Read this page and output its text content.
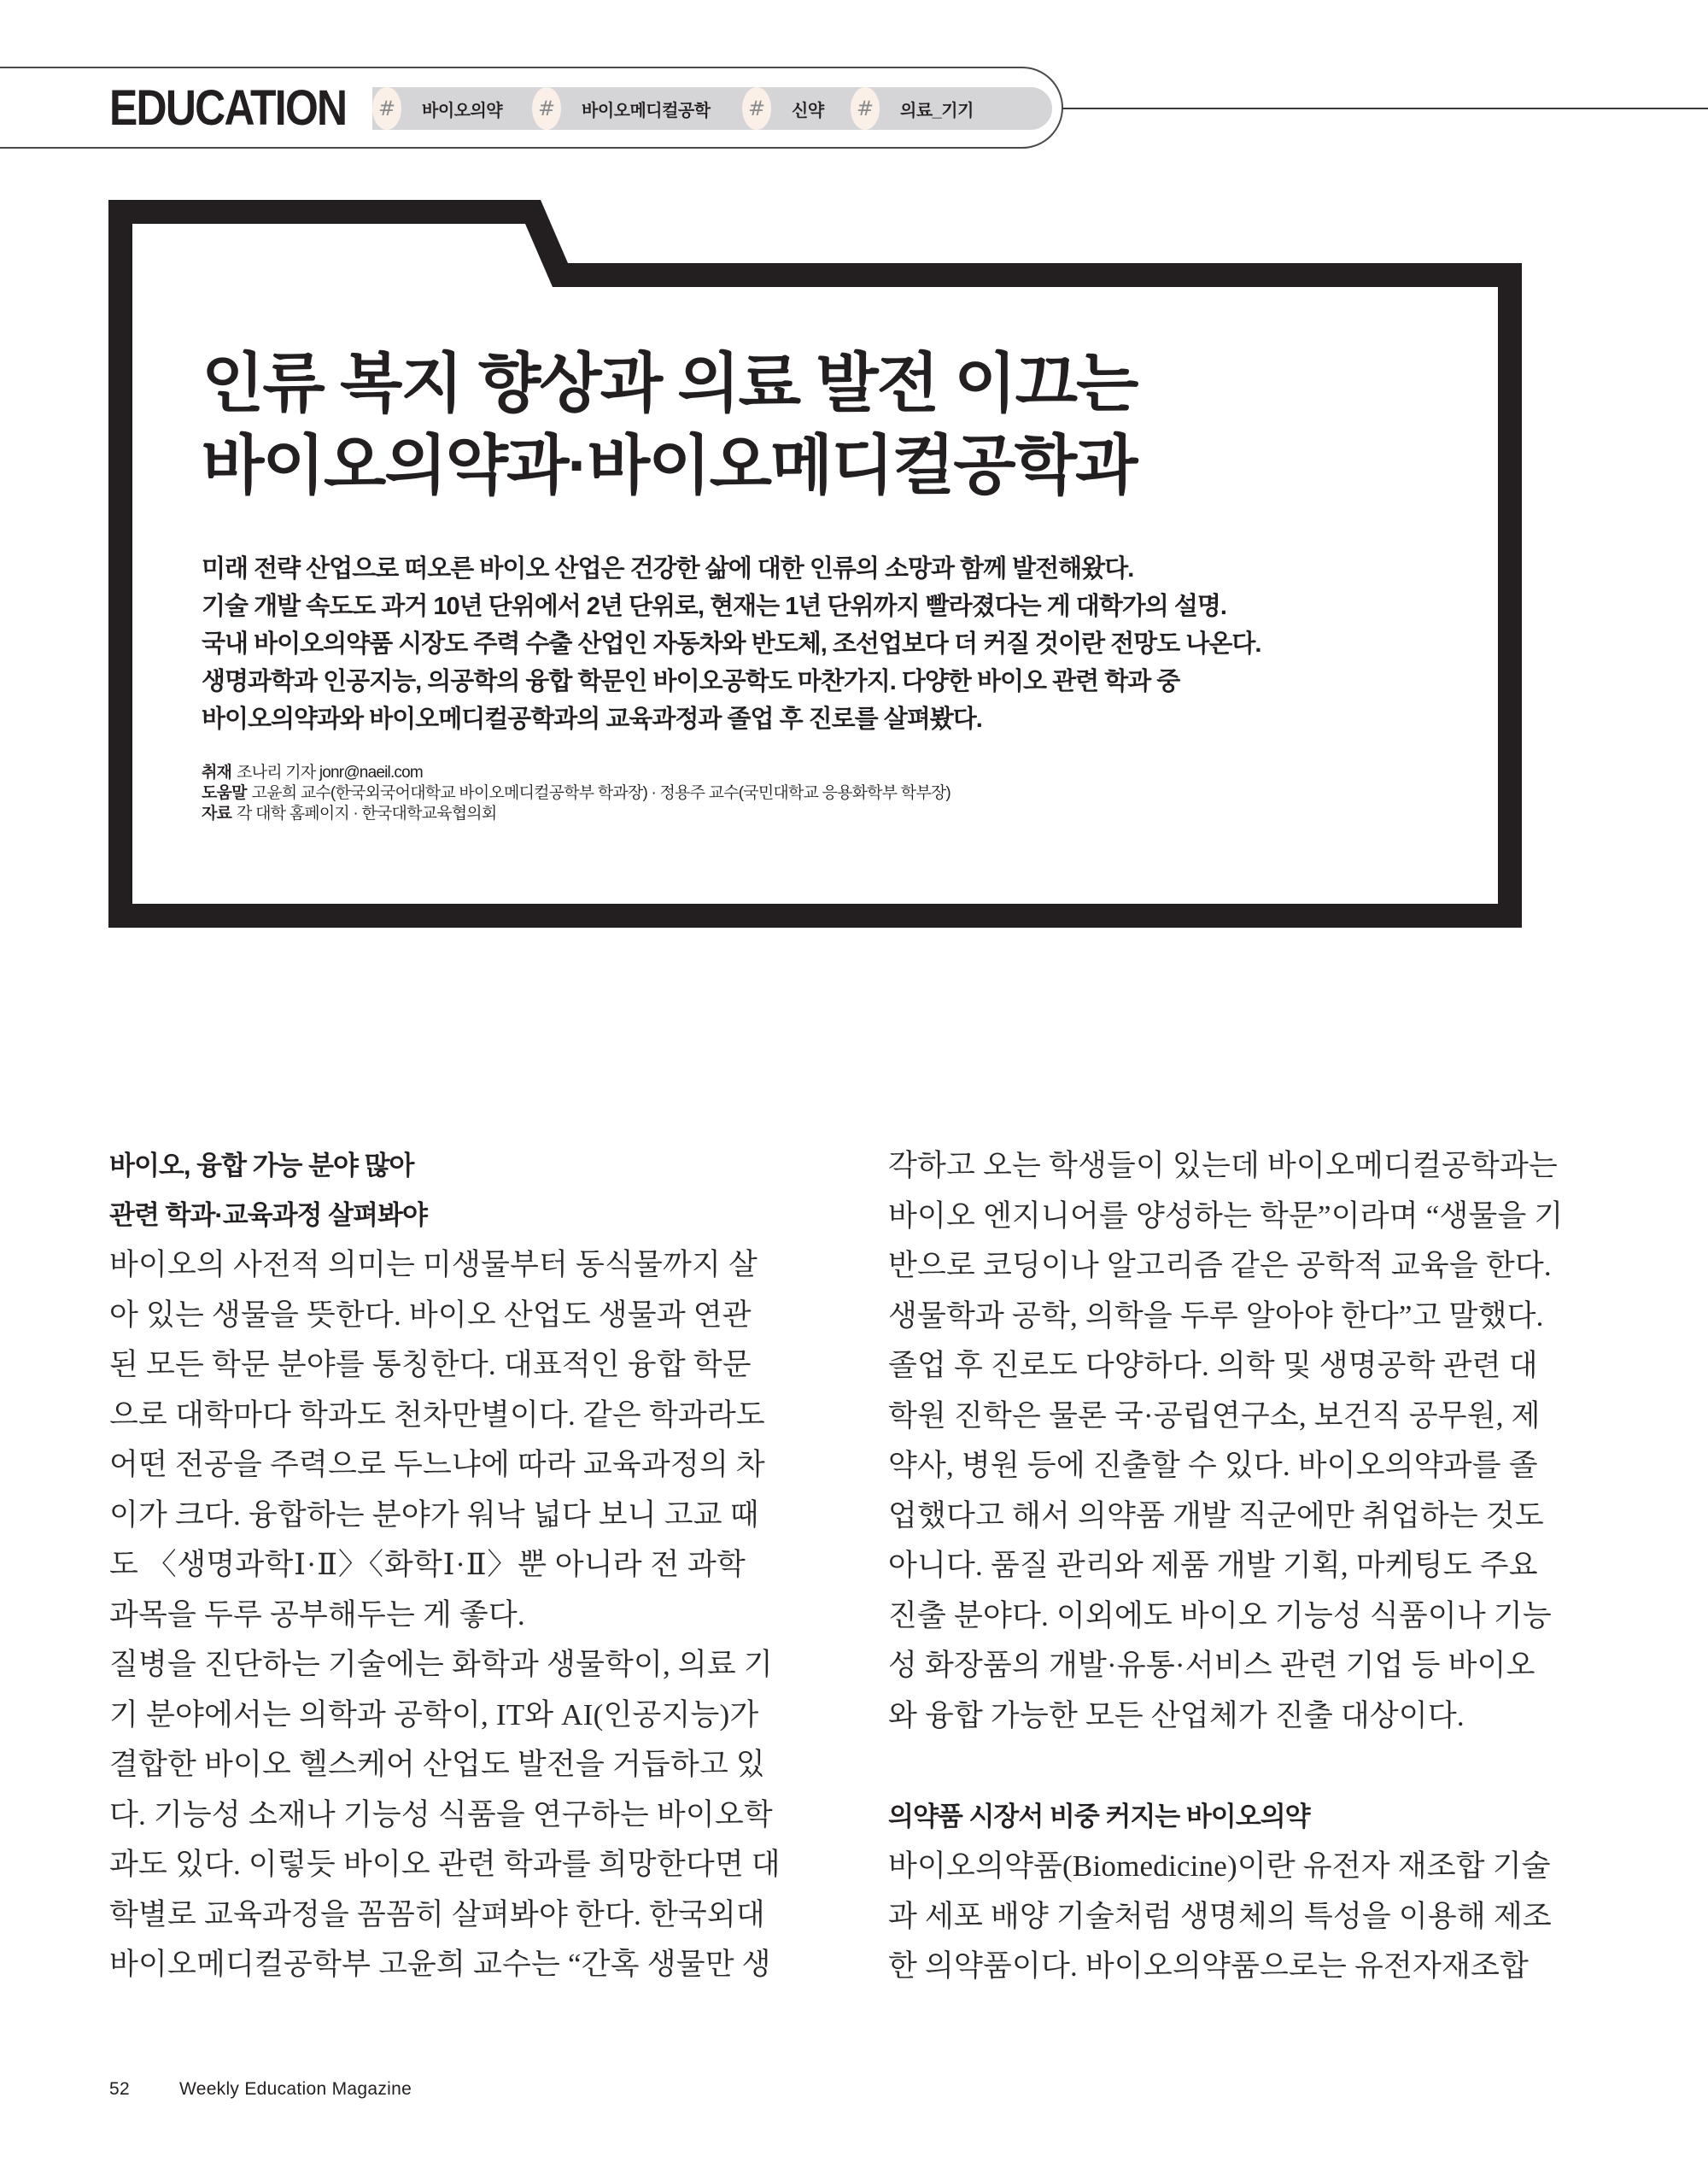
EDUCATION #	바이오의약 #	바이오메디컬공학 #	신약 #	의료_기기
인류 복지 향상과 의료 발전 이끄는
바이오의약과·바이오메디컬공학과
미래 전략 산업으로 떠오른 바이오 산업은 건강한 삶에 대한 인류의 소망과 함께 발전해왔다.
기술 개발 속도도 과거 10년 단위에서 2년 단위로, 현재는 1년 단위까지 빨라졌다는 게 대학가의 설명.
국내 바이오의약품 시장도 주력 수출 산업인 자동차와 반도체, 조선업보다 더 커질 것이란 전망도 나온다.
생명과학과 인공지능, 의공학의 융합 학문인 바이오공학도 마찬가지. 다양한 바이오 관련 학과 중
바이오의약과와 바이오메디컬공학과의 교육과정과 졸업 후 진로를 살펴봤다.
취재 조나리 기자 jonr@naeil.com
도움말 고윤희 교수(한국외국어대학교 바이오메디컬공학부 학과장) · 정용주 교수(국민대학교 응용화학부 학부장)
자료 각 대학 홈페이지 · 한국대학교육협의회
바이오, 융합 가능 분야 많아
관련 학과·교육과정 살펴봐야
바이오의 사전적 의미는 미생물부터 동식물까지 살
아 있는 생물을 뜻한다. 바이오 산업도 생물과 연관
된 모든 학문 분야를 통칭한다. 대표적인 융합 학문
으로 대학마다 학과도 천차만별이다. 같은 학과라도
어떤 전공을 주력으로 두느냐에 따라 교육과정의 차
이가 크다. 융합하는 분야가 워낙 넓다 보니 고교 때
도 〈생명과학Ⅰ·Ⅱ〉〈화학Ⅰ·Ⅱ〉뿐 아니라 전 과학
과목을 두루 공부해두는 게 좋다.
질병을 진단하는 기술에는 화학과 생물학이, 의료 기
기 분야에서는 의학과 공학이, IT와 AI(인공지능)가
결합한 바이오 헬스케어 산업도 발전을 거듭하고 있
다. 기능성 소재나 기능성 식품을 연구하는 바이오학
과도 있다. 이렇듯 바이오 관련 학과를 희망한다면 대
학별로 교육과정을 꼼꼼히 살펴봐야 한다. 한국외대
바이오메디컬공학부 고윤희 교수는 “간혹 생물만 생
각하고 오는 학생들이 있는데 바이오메디컬공학과는
바이오 엔지니어를 양성하는 학문”이라며 “생물을 기
반으로 코딩이나 알고리즘 같은 공학적 교육을 한다.
생물학과 공학, 의학을 두루 알아야 한다”고 말했다.
졸업 후 진로도 다양하다. 의학 및 생명공학 관련 대
학원 진학은 물론 국·공립연구소, 보건직 공무원, 제
약사, 병원 등에 진출할 수 있다. 바이오의약과를 졸
업했다고 해서 의약품 개발 직군에만 취업하는 것도
아니다. 품질 관리와 제품 개발 기획, 마케팅도 주요
진출 분야다. 이외에도 바이오 기능성 식품이나 기능
성 화장품의 개발·유통·서비스 관련 기업 등 바이오
와 융합 가능한 모든 산업체가 진출 대상이다.
의약품 시장서 비중 커지는 바이오의약
바이오의약품(Biomedicine)이란 유전자 재조합 기술
과 세포 배양 기술처럼 생명체의 특성을 이용해 제조
한 의약품이다. 바이오의약품으로는 유전자재조합
52	Weekly Education Magazine
